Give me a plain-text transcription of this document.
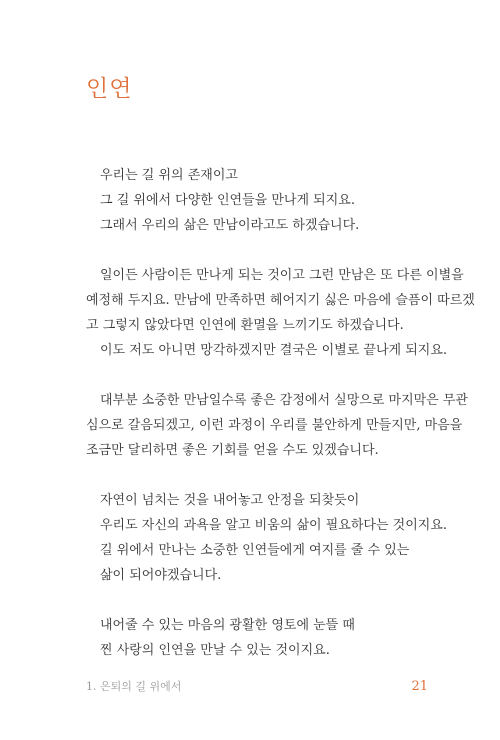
인연
우리는 길 위의 존재이고
그 길 위에서 다양한 인연들을 만나게 되지요.
그래서 우리의 삶은 만남이라고도 하겠습니다.
일이든 사람이든 만나게 되는 것이고 그런 만남은 또 다른 이별을
예정해 두지요. 만남에 만족하면 헤어지기 싫은 마음에 슬픔이 따르겠
고 그렇지 않았다면 인연에 환멸을 느끼기도 하겠습니다.
이도 저도 아니면 망각하겠지만 결국은 이별로 끝나게 되지요.
대부분 소중한 만남일수록 좋은 감정에서 실망으로 마지막은 무관
심으로 갈음되겠고, 이런 과정이 우리를 불안하게 만들지만, 마음을
조금만 달리하면 좋은 기회를 얻을 수도 있겠습니다.
자연이 넘치는 것을 내어놓고 안정을 되찾듯이
우리도 자신의 과욕을 알고 비움의 삶이 필요하다는 것이지요.
길 위에서 만나는 소중한 인연들에게 여지를 줄 수 있는
삶이 되어야겠습니다.
내어줄 수 있는 마음의 광활한 영토에 눈뜰 때
찐 사랑의 인연을 만날 수 있는 것이지요.
1. 은퇴의 길 위에서	21
